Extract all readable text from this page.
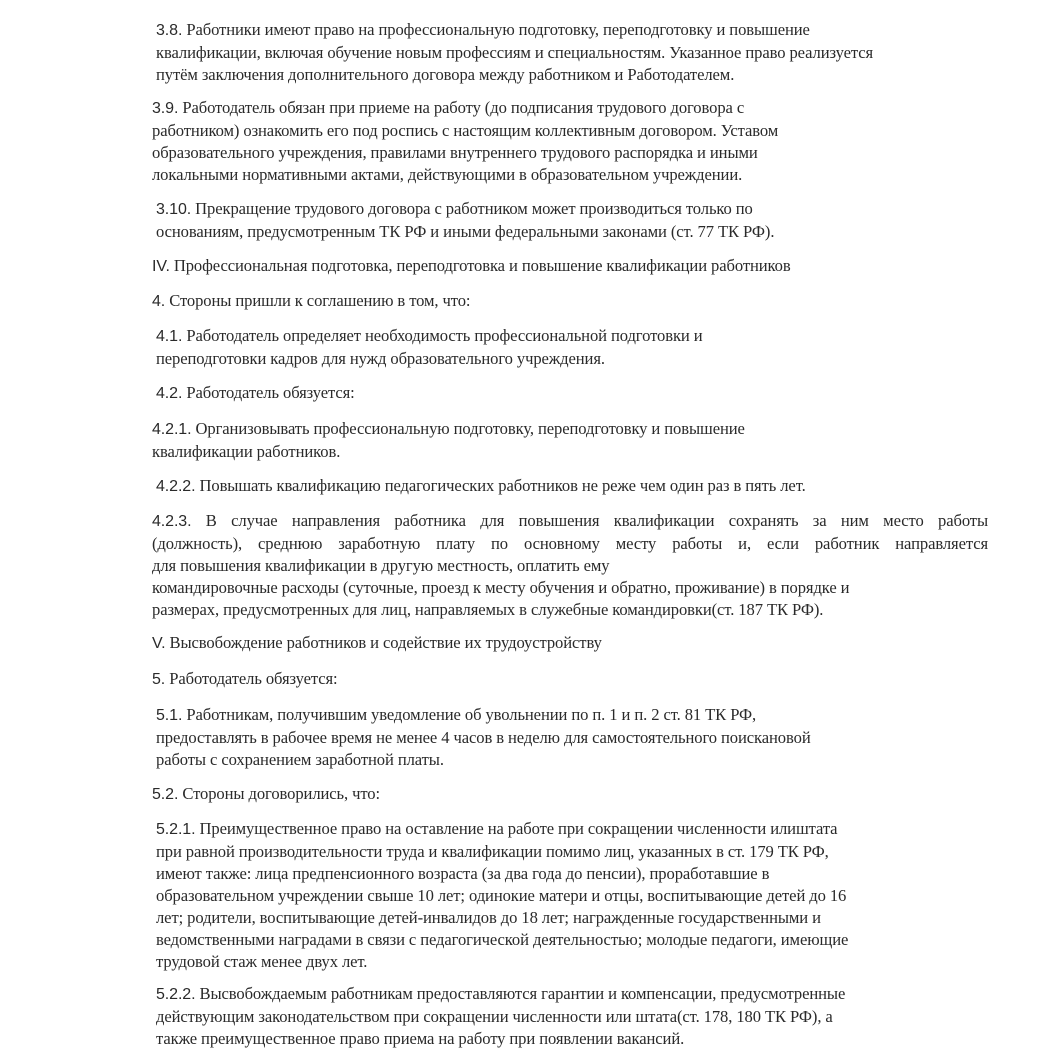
3.8. Работники имеют право на профессиональную подготовку, переподготовку и повышение
квалификации, включая обучение новым профессиям и специальностям. Указанное право реализуется
путём заключения дополнительного договора между работником и Работодателем.

3.9. Работодатель обязан при приеме на работу (до подписания трудового договора с
работником) ознакомить его под роспись с настоящим коллективным договором. Уставом
образовательного учреждения, правилами внутреннего трудового распорядка и иными
локальными нормативными актами, действующими в образовательном учреждении.

3.10. Прекращение трудового договора с работником может производиться только по
основаниям, предусмотренным ТК РФ и иными федеральными законами (ст. 77 ТК РФ).

IV. Профессиональная подготовка, переподготовка и повышение квалификации работников

4. Стороны пришли к соглашению в том, что:

4.1. Работодатель определяет необходимость профессиональной подготовки и
переподготовки кадров для нужд образовательного учреждения.

4.2. Работодатель обязуется:

4.2.1. Организовывать профессиональную подготовку, переподготовку и повышение
квалификации работников.

4.2.2. Повышать квалификацию педагогических работников не реже чем один раз в пять лет.

4.2.3. В случае направления работника для повышения квалификации сохранять за ним место работы
(должность), среднюю заработную плату по основному месту работы и, если работник направляется
для повышения квалификации в другую местность, оплатить ему
командировочные расходы (суточные, проезд к месту обучения и обратно, проживание) в порядке и
размерах, предусмотренных для лиц, направляемых в служебные командировки(ст. 187 ТК РФ).

V. Высвобождение работников и содействие их трудоустройству

5. Работодатель обязуется:

5.1. Работникам, получившим уведомление об увольнении по п. 1 и п. 2 ст. 81 ТК РФ,
предоставлять в рабочее время не менее 4 часов в неделю для самостоятельного поискановой
работы с сохранением заработной платы.

5.2. Стороны договорились, что:

5.2.1. Преимущественное право на оставление на работе при сокращении численности илиштата
при равной производительности труда и квалификации помимо лиц, указанных в ст. 179 ТК РФ,
имеют также: лица предпенсионного возраста (за два года до пенсии), проработавшие в
образовательном учреждении свыше 10 лет; одинокие матери и отцы, воспитывающие детей до 16
лет; родители, воспитывающие детей-инвалидов до 18 лет; награжденные государственными и
ведомственными наградами в связи с педагогической деятельностью; молодые педагоги, имеющие
трудовой стаж менее двух лет.

5.2.2. Высвобождаемым работникам предоставляются гарантии и компенсации, предусмотренные
действующим законодательством при сокращении численности или штата(ст. 178, 180 ТК РФ), а
также преимущественное право приема на работу при появлении вакансий.
